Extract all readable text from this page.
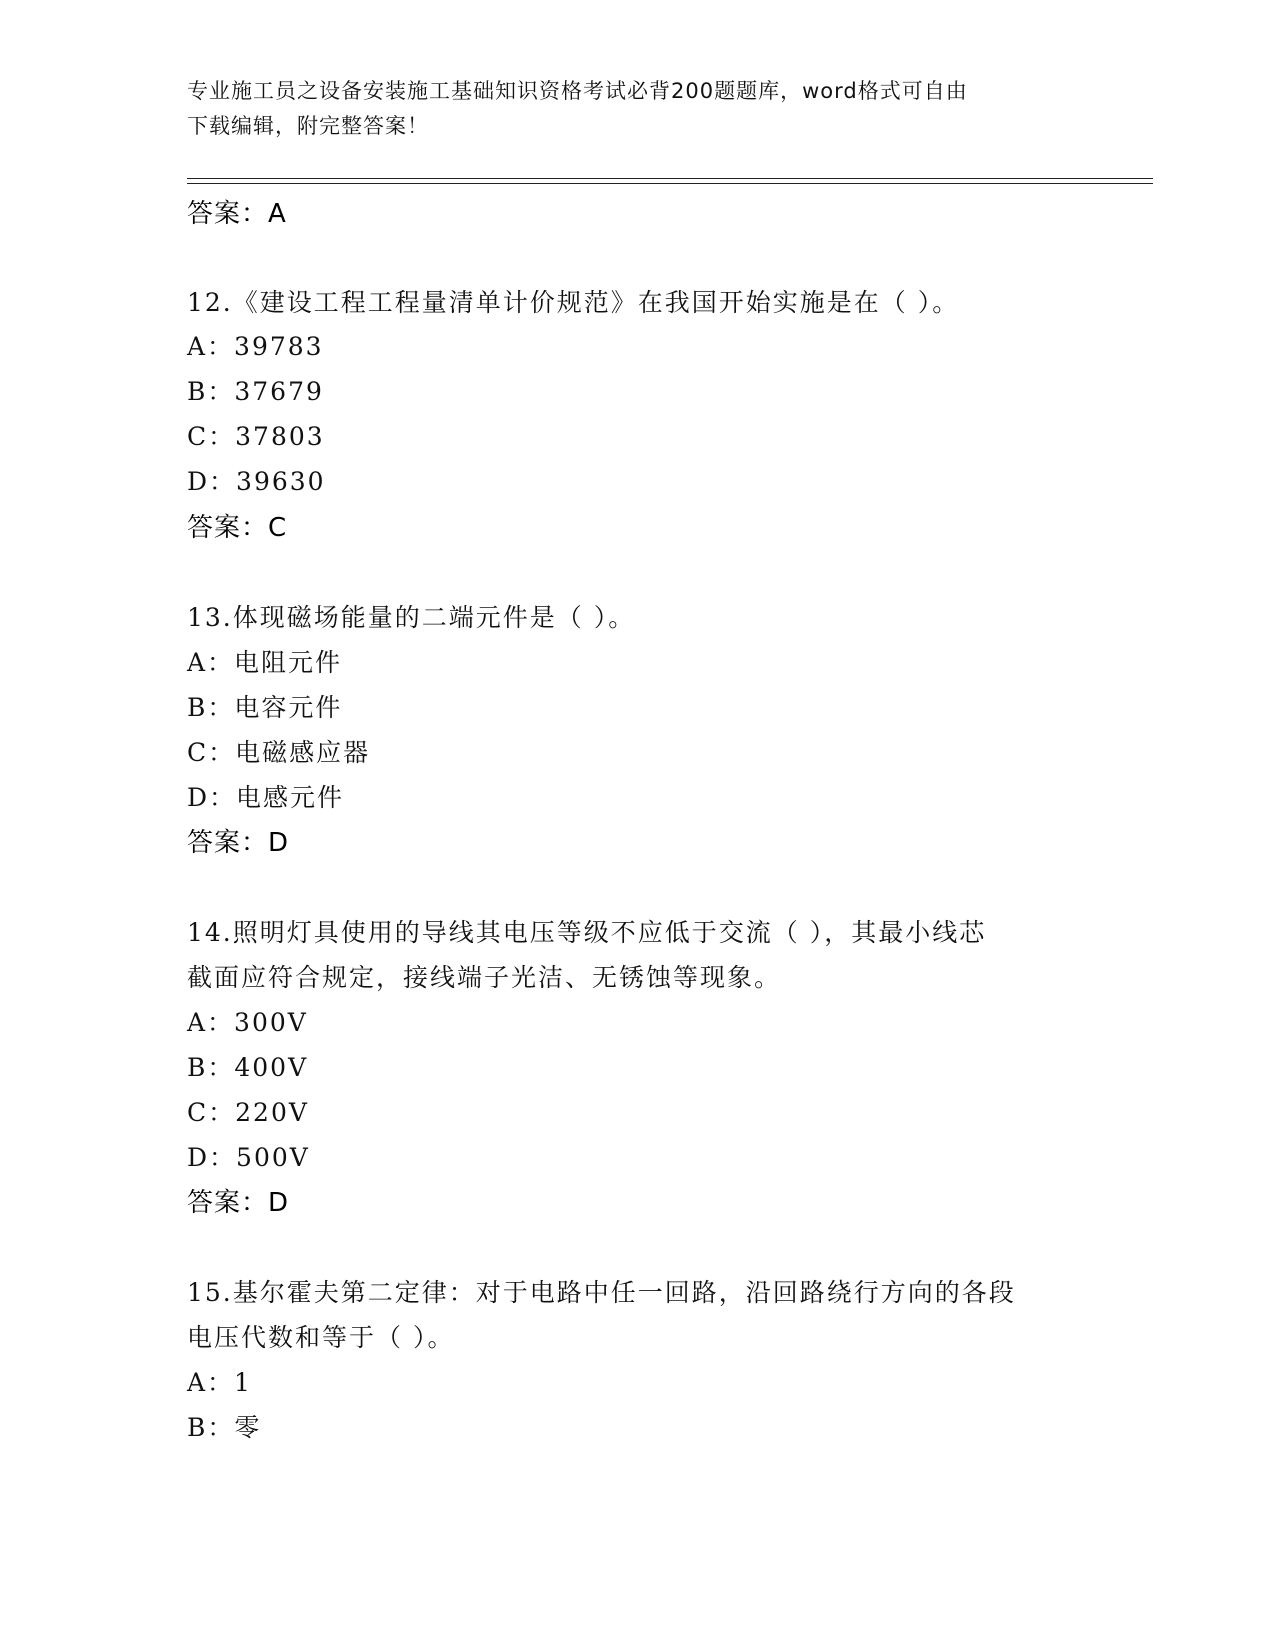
专业施工员之设备安装施工基础知识资格考试必背200题题库，word格式可自由
下载编辑，附完整答案！
答案：A
12.《建设工程工程量清单计价规范》在我国开始实施是在（ ）。
A：39783
B：37679
C：37803
D：39630
答案：C
13.体现磁场能量的二端元件是（ ）。
A：电阻元件
B：电容元件
C：电磁感应器
D：电感元件
答案：D
14.照明灯具使用的导线其电压等级不应低于交流（ ），其最小线芯
截面应符合规定，接线端子光洁、无锈蚀等现象。
A：300V
B：400V
C：220V
D：500V
答案：D
15.基尔霍夫第二定律：对于电路中任一回路，沿回路绕行方向的各段
电压代数和等于（ ）。
A：1
B：零
